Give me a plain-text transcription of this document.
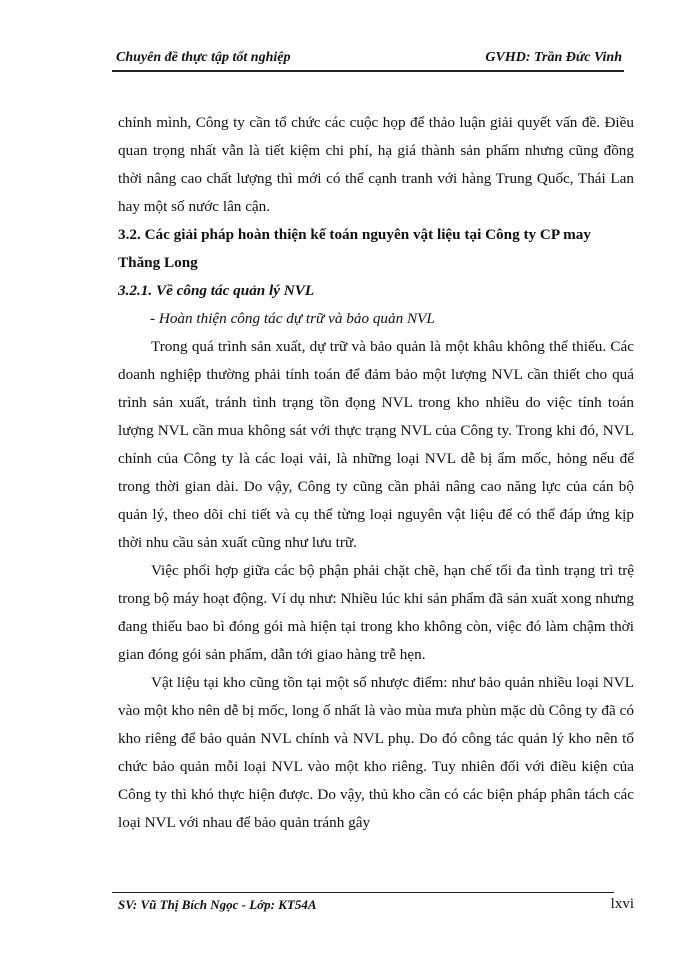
Chuyên đề thực tập tốt nghiệp	GVHD: Trần Đức Vinh

chính mình, Công ty cần tổ chức các cuộc họp để thảo luận giải quyết vấn đề. Điều quan trọng nhất vẫn là tiết kiệm chi phí, hạ giá thành sản phẩm nhưng cũng đồng thời nâng cao chất lượng thì mới có thể cạnh tranh với hàng Trung Quốc, Thái Lan hay một số nước lân cận.

3.2. Các giải pháp hoàn thiện kế toán nguyên vật liệu tại Công ty CP may Thăng Long

3.2.1. Về công tác quản lý NVL

- Hoàn thiện công tác dự trữ và bảo quản NVL

Trong quá trình sản xuất, dự trữ và bảo quản là một khâu không thể thiếu. Các doanh nghiệp thường phải tính toán để đảm bảo một lượng NVL cần thiết cho quá trình sản xuất, tránh tình trạng tồn đọng NVL trong kho nhiều do việc tính toán lượng NVL cần mua không sát với thực trạng NVL của Công ty. Trong khi đó, NVL chính của Công ty là các loại vải, là những loại NVL dễ bị ẩm mốc, hỏng nếu để trong thời gian dài. Do vậy, Công ty cũng cần phải nâng cao năng lực của cán bộ quản lý, theo dõi chi tiết và cụ thể từng loại nguyên vật liệu để có thể đáp ứng kịp thời nhu cầu sản xuất cũng như lưu trữ.

Việc phối hợp giữa các bộ phận phải chặt chẽ, hạn chế tối đa tình trạng trì trệ trong bộ máy hoạt động. Ví dụ như: Nhiều lúc khi sản phẩm đã sản xuất xong nhưng đang thiếu bao bì đóng gói mà hiện tại trong kho không còn, việc đó làm chậm thời gian đóng gói sản phẩm, dẫn tới giao hàng trễ hẹn.

Vật liệu tại kho cũng tồn tại một số nhược điểm: như bảo quản nhiều loại NVL vào một kho nên dễ bị mốc, long ố nhất là vào mùa mưa phùn mặc dù Công ty đã có kho riêng để bảo quản NVL chính và NVL phụ. Do đó công tác quản lý kho nên tổ chức bảo quản mỗi loại NVL vào một kho riêng. Tuy nhiên đối với điều kiện của Công ty thì khó thực hiện được. Do vậy, thủ kho cần có các biện pháp phân tách các loại NVL với nhau để bảo quản tránh gây

SV: Vũ Thị Bích Ngọc - Lớp: KT54A	lxvi
